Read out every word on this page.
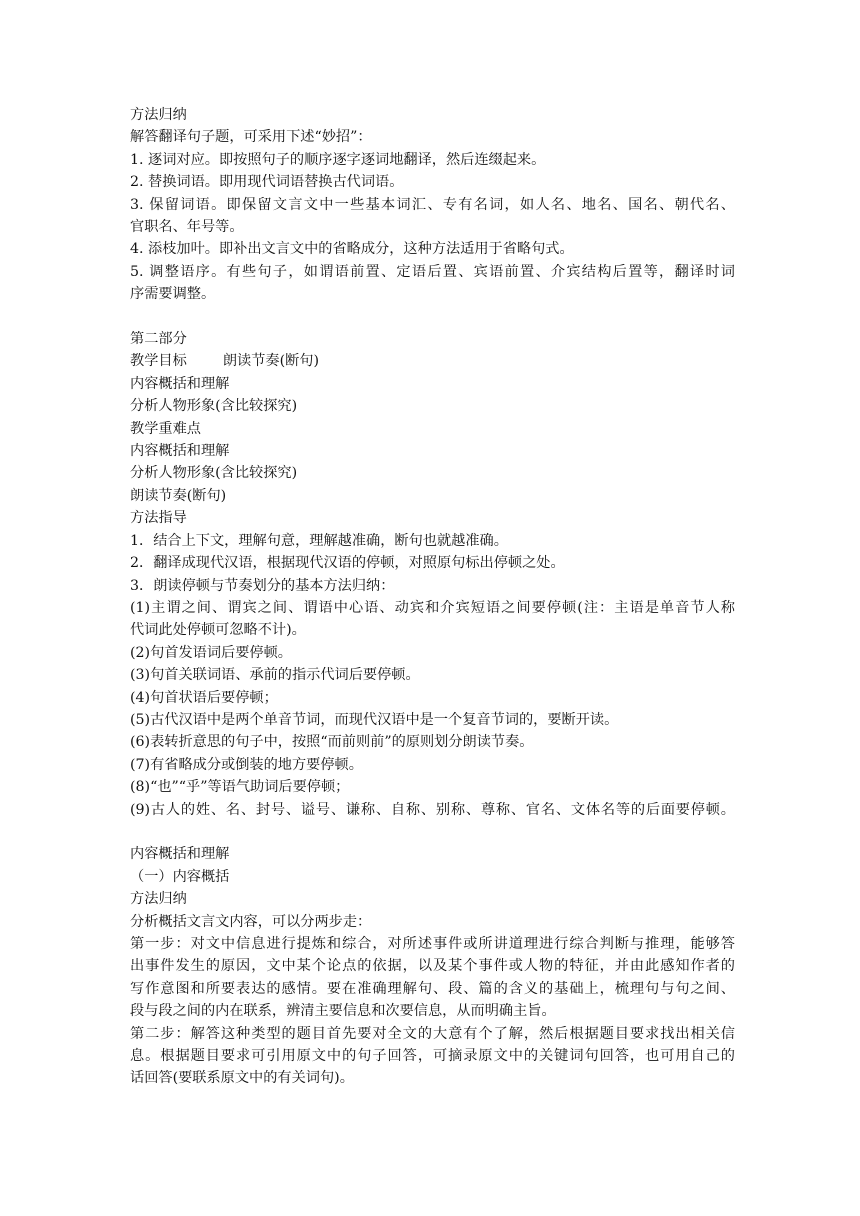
方法归纳
解答翻译句子题，可采用下述“妙招”：
1. 逐词对应。即按照句子的顺序逐字逐词地翻译，然后连缀起来。
2. 替换词语。即用现代词语替换古代词语。
3. 保留词语。即保留文言文中一些基本词汇、专有名词，如人名、地名、国名、朝代名、
官职名、年号等。
4. 添枝加叶。即补出文言文中的省略成分，这种方法适用于省略句式。
5. 调整语序。有些句子，如谓语前置、定语后置、宾语前置、介宾结构后置等，翻译时词
序需要调整。
第二部分
教学目标        朗读节奏(断句)
内容概括和理解
分析人物形象(含比较探究)
教学重难点
内容概括和理解
分析人物形象(含比较探究)
朗读节奏(断句)
方法指导
1．结合上下文，理解句意，理解越准确，断句也就越准确。
2．翻译成现代汉语，根据现代汉语的停顿，对照原句标出停顿之处。
3．朗读停顿与节奏划分的基本方法归纳：
(1)主谓之间、谓宾之间、谓语中心语、动宾和介宾短语之间要停顿(注：主语是单音节人称
代词此处停顿可忽略不计)。
(2)句首发语词后要停顿。
(3)句首关联词语、承前的指示代词后要停顿。
(4)句首状语后要停顿；
(5)古代汉语中是两个单音节词，而现代汉语中是一个复音节词的，要断开读。
(6)表转折意思的句子中，按照“而前则前”的原则划分朗读节奏。
(7)有省略成分或倒装的地方要停顿。
(8)“也”“乎”等语气助词后要停顿；
(9)古人的姓、名、封号、谥号、谦称、自称、别称、尊称、官名、文体名等的后面要停顿。
内容概括和理解
（一）内容概括
方法归纳
分析概括文言文内容，可以分两步走：
第一步：对文中信息进行提炼和综合，对所述事件或所讲道理进行综合判断与推理，能够答
出事件发生的原因，文中某个论点的依据，以及某个事件或人物的特征，并由此感知作者的
写作意图和所要表达的感情。要在准确理解句、段、篇的含义的基础上，梳理句与句之间、
段与段之间的内在联系，辨清主要信息和次要信息，从而明确主旨。
第二步：解答这种类型的题目首先要对全文的大意有个了解，然后根据题目要求找出相关信
息。根据题目要求可引用原文中的句子回答，可摘录原文中的关键词句回答，也可用自己的
话回答(要联系原文中的有关词句)。
